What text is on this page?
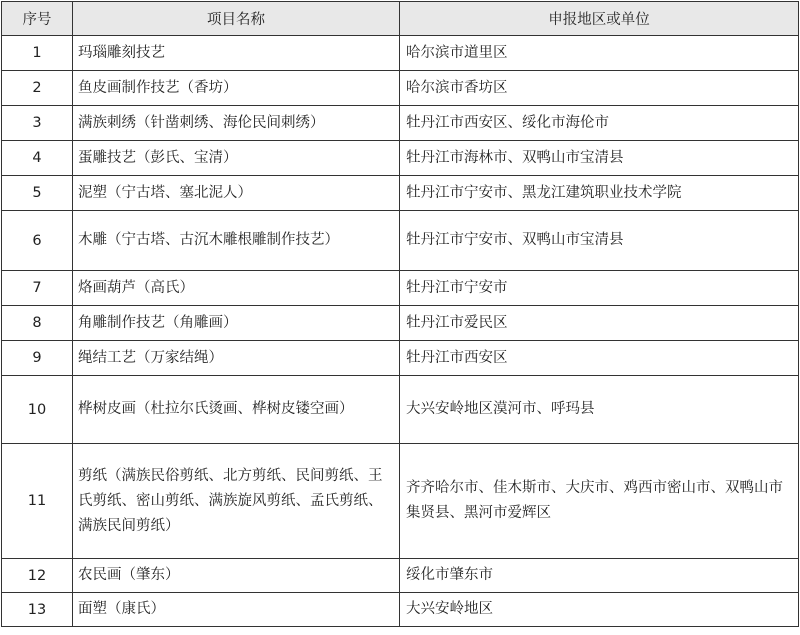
序号	项目名称	申报地区或单位
1	玛瑙雕刻技艺	哈尔滨市道里区
2	鱼皮画制作技艺（香坊）	哈尔滨市香坊区
3	满族刺绣（针凿刺绣、海伦民间刺绣）	牡丹江市西安区、绥化市海伦市
4	蛋雕技艺（彭氏、宝清）	牡丹江市海林市、双鸭山市宝清县
5	泥塑（宁古塔、塞北泥人）	牡丹江市宁安市、黑龙江建筑职业技术学院
6	木雕（宁古塔、古沉木雕根雕制作技艺）	牡丹江市宁安市、双鸭山市宝清县
7	烙画葫芦（高氏）	牡丹江市宁安市
8	角雕制作技艺（角雕画）	牡丹江市爱民区
9	绳结工艺（万家结绳）	牡丹江市西安区
10	桦树皮画（杜拉尔氏烫画、桦树皮镂空画）	大兴安岭地区漠河市、呼玛县
11	剪纸（满族民俗剪纸、北方剪纸、民间剪纸、王氏剪纸、密山剪纸、满族旋风剪纸、孟氏剪纸、满族民间剪纸）	齐齐哈尔市、佳木斯市、大庆市、鸡西市密山市、双鸭山市集贤县、黑河市爱辉区
12	农民画（肇东）	绥化市肇东市
13	面塑（康氏）	大兴安岭地区
